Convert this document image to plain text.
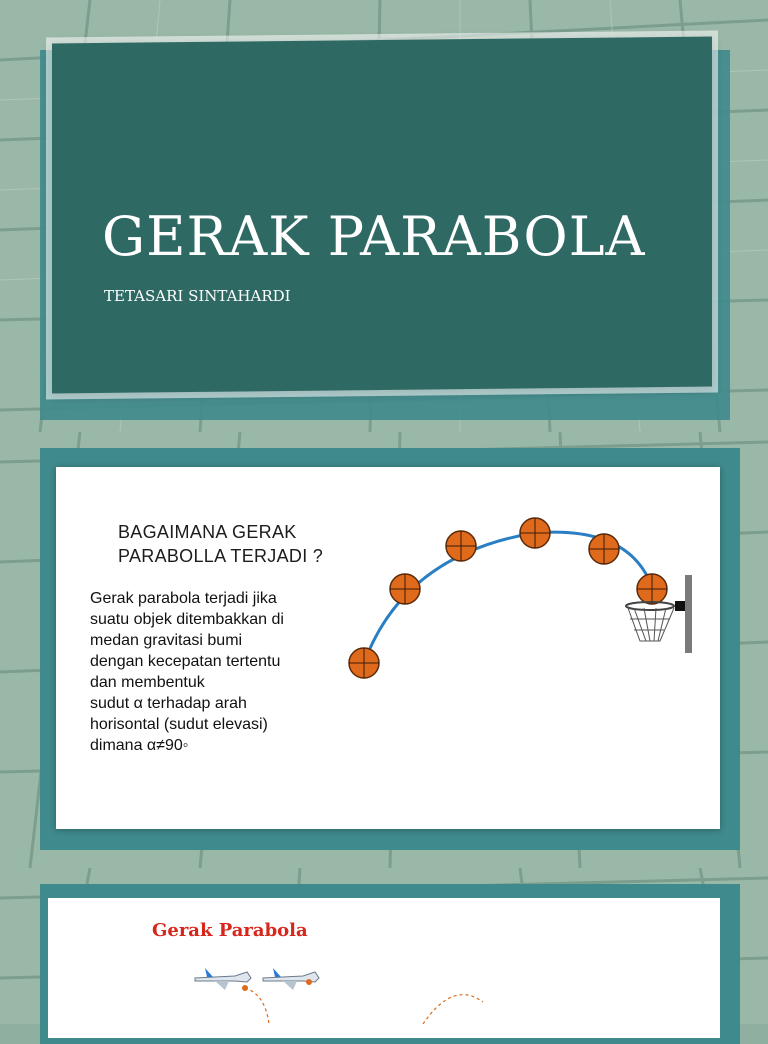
GERAK PARABOLA
TETASARI SINTAHARDI
BAGAIMANA GERAK
PARABOLLA TERJADI ?
Gerak parabola terjadi jika
suatu objek ditembakkan di
medan gravitasi bumi
dengan kecepatan tertentu
dan membentuk
sudut α terhadap arah
horisontal (sudut elevasi)
dimana α≠90◦
Gerak Parabola
